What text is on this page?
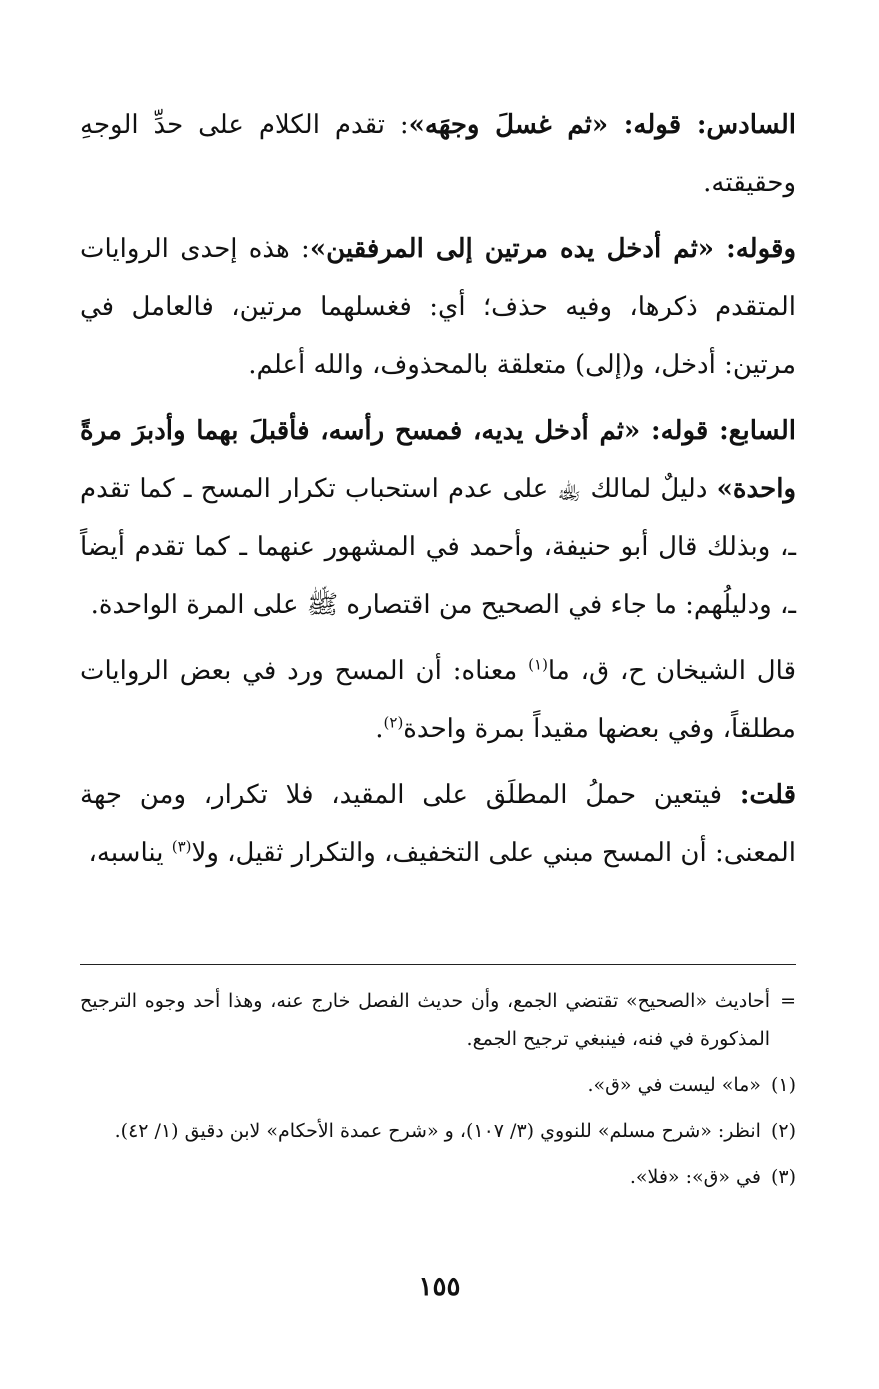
السادس: قوله: «ثم غسلَ وجهَه»: تقدم الكلام على حدِّ الوجهِ وحقيقته.

وقوله: «ثم أدخل يده مرتين إلى المرفقين»: هذه إحدى الروايات المتقدم ذكرها، وفيه حذف؛ أي: فغسلهما مرتين، فالعامل في مرتين: أدخل، و(إلى) متعلقة بالمحذوف، والله أعلم.

السابع: قوله: «ثم أدخل يديه، فمسح رأسه، فأقبلَ بهما وأدبرَ مرةً واحدة» دليلٌ لمالك ﵀ على عدم استحباب تكرار المسح ـ كما تقدم ـ، وبذلك قال أبو حنيفة، وأحمد في المشهور عنهما ـ كما تقدم أيضاً ـ، ودليلُهم: ما جاء في الصحيح من اقتصاره ﷺ على المرة الواحدة.

قال الشيخان ح، ق، ما$^{(١)}$ معناه: أن المسح ورد في بعض الروايات مطلقاً، وفي بعضها مقيداً بمرة واحدة$^{(٢)}$.

قلت: فيتعين حملُ المطلَق على المقيد، فلا تكرار، ومن جهة المعنى: أن المسح مبني على التخفيف، والتكرار ثقيل، ولا$^{(٣)}$ يناسبه،

=
أحاديث «الصحيح» تقتضي الجمع، وأن حديث الفصل خارج عنه، وهذا أحد وجوه الترجيح المذكورة في فنه، فينبغي ترجيح الجمع.
(١)
«ما» ليست في «ق».
(٢)
انظر: «شرح مسلم» للنووي (٣/ ١٠٧)، و «شرح عمدة الأحكام» لابن دقيق (١/ ٤٢).
(٣)
في «ق»: «فلا».
١٥٥
